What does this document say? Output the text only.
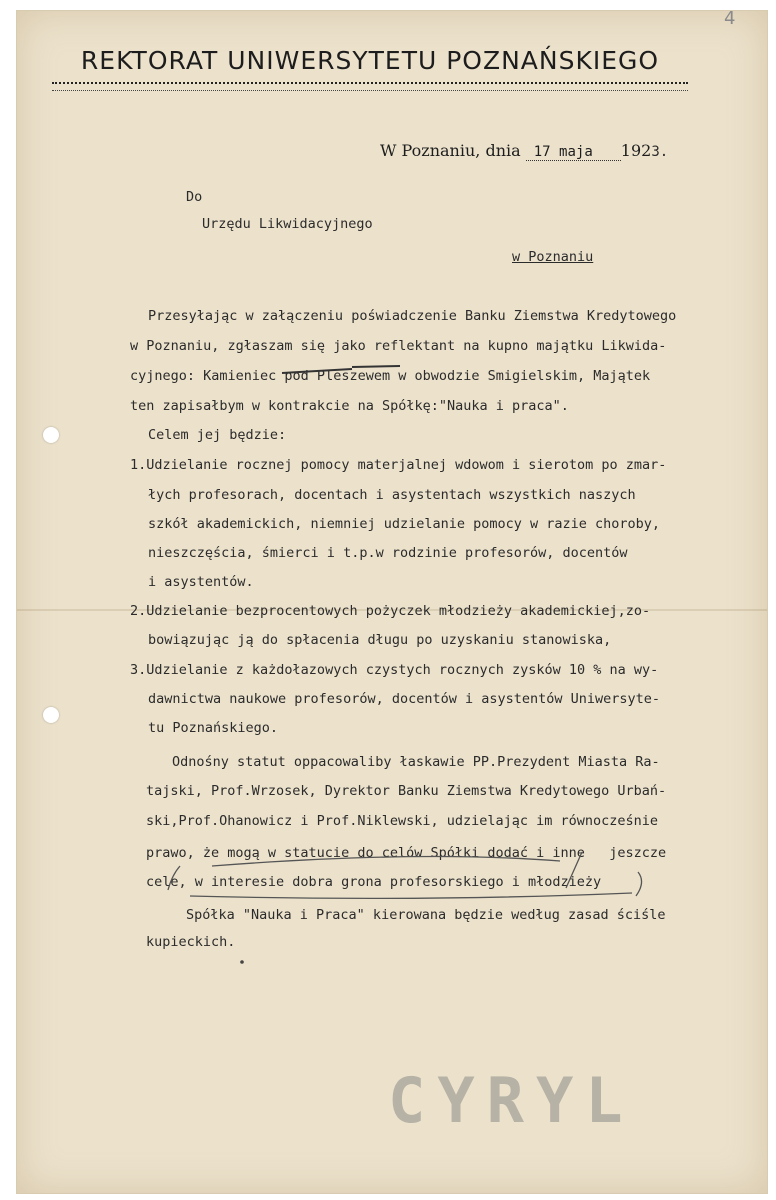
4
REKTORAT UNIWERSYTETU POZNAŃSKIEGO
W Poznaniu, dnia 17 maja 1923.
Do
Urzędu Likwidacyjnego
w Poznaniu
Przesyłając w załączeniu poświadczenie Banku Ziemstwa Kredytowego
w Poznaniu, zgłaszam się jako reflektant na kupno majątku Likwida-
cyjnego: Kamieniec pod Pleszewem w obwodzie Smigielskim, Majątek
ten zapisałbym w kontrakcie na Spółkę:"Nauka i praca".
Celem jej będzie:
1.Udzielanie rocznej pomocy materjalnej wdowom i sierotom po zmar-
łych profesorach, docentach i asystentach wszystkich naszych
szkół akademickich, niemniej udzielanie pomocy w razie choroby,
nieszczęścia, śmierci i t.p.w rodzinie profesorów, docentów
i asystentów.
2.Udzielanie bezprocentowych pożyczek młodzieży akademickiej,zo-
bowiązując ją do spłacenia długu po uzyskaniu stanowiska,
3.Udzielanie z każdołazowych czystych rocznych zysków 10 % na wy-
dawnictwa naukowe profesorów, docentów i asystentów Uniwersyte-
tu Poznańskiego.
Odnośny statut oppacowaliby łaskawie PP.Prezydent Miasta Ra-
tajski, Prof.Wrzosek, Dyrektor Banku Ziemstwa Kredytowego Urbań-
ski,Prof.Ohanowicz i Prof.Niklewski, udzielając im równocześnie
prawo, że mogą w statucie do celów Spółki dodać i inne   jeszcze
cele, w interesie dobra grona profesorskiego i młodzieży
Spółka "Nauka i Praca" kierowana będzie według zasad ściśle
kupieckich.
CYRYL
